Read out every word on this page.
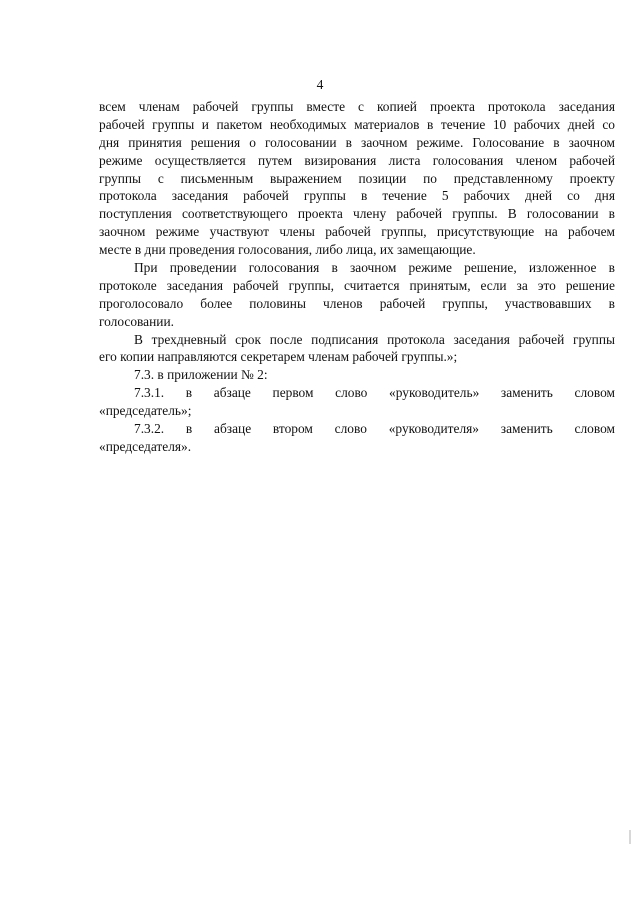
4
всем членам рабочей группы вместе с копией проекта протокола заседания
рабочей группы и пакетом необходимых материалов в течение 10 рабочих дней со
дня принятия решения о голосовании в заочном режиме. Голосование в заочном
режиме осуществляется путем визирования листа голосования членом рабочей
группы с письменным выражением позиции по представленному проекту
протокола заседания рабочей группы в течение 5 рабочих дней со дня
поступления соответствующего проекта члену рабочей группы. В голосовании в
заочном режиме участвуют члены рабочей группы, присутствующие на рабочем
месте в дни проведения голосования, либо лица, их замещающие.
При проведении голосования в заочном режиме решение, изложенное в
протоколе заседания рабочей группы, считается принятым, если за это решение
проголосовало более половины членов рабочей группы, участвовавших в
голосовании.
В трехдневный срок после подписания протокола заседания рабочей группы
его копии направляются секретарем членам рабочей группы.»;
7.3. в приложении № 2:
7.3.1. в абзаце первом слово «руководитель» заменить словом
«председатель»;
7.3.2. в абзаце втором слово «руководителя» заменить словом
«председателя».
